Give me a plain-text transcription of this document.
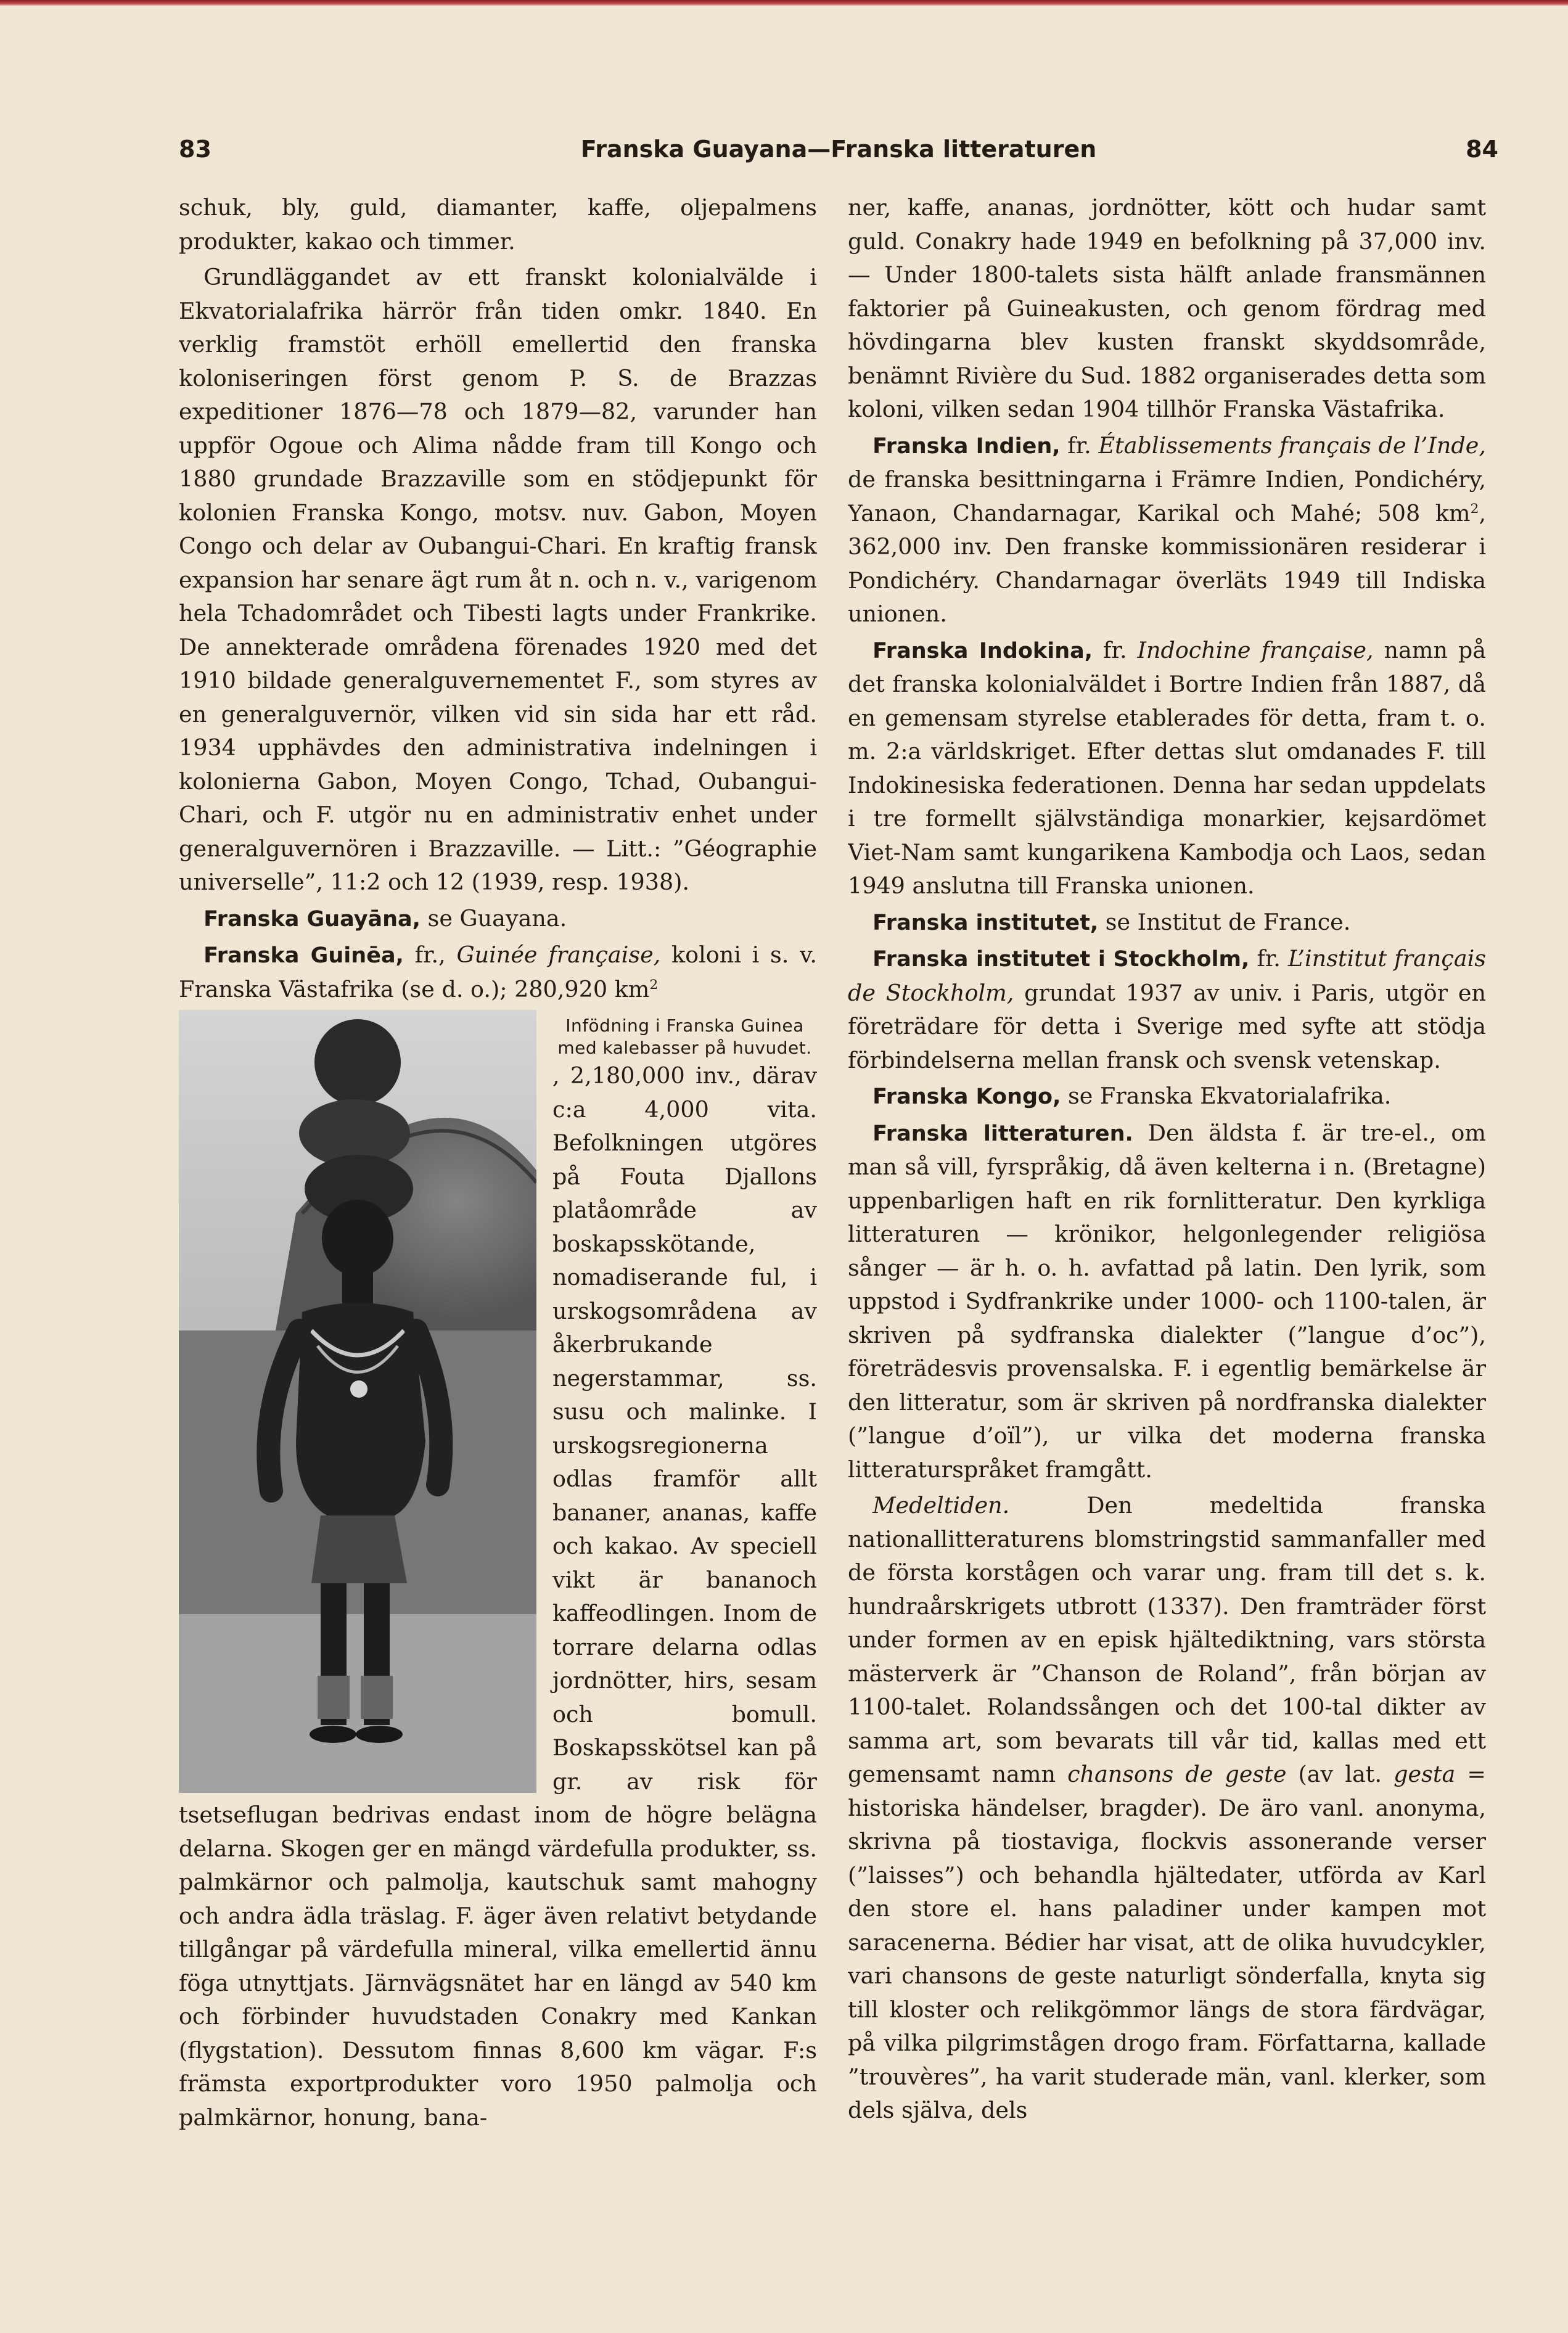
83	Franska Guayana—Franska litteraturen	84

schuk, bly, guld, diamanter, kaffe, oljepalmens produkter, kakao och timmer.

Grundläggandet av ett franskt kolonialvälde i Ekvatorialafrika härrör från tiden omkr. 1840. En verklig framstöt erhöll emellertid den franska koloniseringen först genom P. S. de Brazzas expeditioner 1876—78 och 1879—82, varunder han uppför Ogoue och Alima nådde fram till Kongo och 1880 grundade Brazzaville som en stödjepunkt för kolonien Franska Kongo, motsv. nuv. Gabon, Moyen Congo och delar av Oubangui-Chari. En kraftig fransk expansion har senare ägt rum åt n. och n. v., varigenom hela Tchadområdet och Tibesti lagts under Frankrike. De annekterade områdena förenades 1920 med det 1910 bildade generalguvernementet F., som styres av en generalguvernör, vilken vid sin sida har ett råd. 1934 upphävdes den administrativa indelningen i kolonierna Gabon, Moyen Congo, Tchad, Oubangui-Chari, och F. utgör nu en administrativ enhet under generalguvernören i Brazzaville. — Litt.: ”Géographie universelle”, 11:2 och 12 (1939, resp. 1938).

Franska Guayāna, se Guayana.

Franska Guinēa, fr., Guinée française, koloni i s. v. Franska Västafrika (se d. o.); 280,920 $km^2$

Infödning i Franska Guinea med kalebasser på huvudet.
, 2,180,000 inv., därav c:a 4,000 vita. Befolkningen utgöres på Fouta Djallons platåområde av boskapsskötande, nomadiserande ful, i urskogsområdena av åkerbrukande negerstammar, ss. susu och malinke. I urskogsregionerna odlas framför allt bananer, ananas, kaffe och kakao. Av speciell vikt är bananoch kaffeodlingen. Inom de torrare delarna odlas jordnötter, hirs, sesam och bomull. Boskapsskötsel kan på gr. av risk för tsetseflugan bedrivas endast inom de högre belägna delarna. Skogen ger en mängd värdefulla produkter, ss. palmkärnor och palmolja, kautschuk samt mahogny och andra ädla träslag. F. äger även relativt betydande tillgångar på värdefulla mineral, vilka emellertid ännu föga utnyttjats. Järnvägsnätet har en längd av 540 km och förbinder huvudstaden Conakry med Kankan (flygstation). Dessutom finnas 8,600 km vägar. F:s främsta exportprodukter voro 1950 palmolja och palmkärnor, honung, bana-

ner, kaffe, ananas, jordnötter, kött och hudar samt guld. Conakry hade 1949 en befolkning på 37,000 inv. — Under 1800-talets sista hälft anlade fransmännen faktorier på Guineakusten, och genom fördrag med hövdingarna blev kusten franskt skyddsområde, benämnt Rivière du Sud. 1882 organiserades detta som koloni, vilken sedan 1904 tillhör Franska Västafrika.

Franska Indien, fr. Établissements français de l’Inde, de franska besittningarna i Främre Indien, Pondichéry, Yanaon, Chandarnagar, Karikal och Mahé; 508 $km^2$, 362,000 inv. Den franske kommissionären residerar i Pondichéry. Chandarnagar överläts 1949 till Indiska unionen.

Franska Indokina, fr. Indochine française, namn på det franska kolonialväldet i Bortre Indien från 1887, då en gemensam styrelse etablerades för detta, fram t. o. m. 2:a världskriget. Efter dettas slut omdanades F. till Indokinesiska federationen. Denna har sedan uppdelats i tre formellt självständiga monarkier, kejsardömet Viet-Nam samt kungarikena Kambodja och Laos, sedan 1949 anslutna till Franska unionen.

Franska institutet, se Institut de France.

Franska institutet i Stockholm, fr. L’institut français de Stockholm, grundat 1937 av univ. i Paris, utgör en företrädare för detta i Sverige med syfte att stödja förbindelserna mellan fransk och svensk vetenskap.

Franska Kongo, se Franska Ekvatorialafrika.

Franska litteraturen. Den äldsta f. är tre-el., om man så vill, fyrspråkig, då även kelterna i n. (Bretagne) uppenbarligen haft en rik fornlitteratur. Den kyrkliga litteraturen — krönikor, helgonlegender religiösa sånger — är h. o. h. avfattad på latin. Den lyrik, som uppstod i Sydfrankrike under 1000- och 1100-talen, är skriven på sydfranska dialekter (”langue d’oc”), företrädesvis provensalska. F. i egentlig bemärkelse är den litteratur, som är skriven på nordfranska dialekter (”langue d’oïl”), ur vilka det moderna franska litteraturspråket framgått.

Medeltiden. Den medeltida franska nationallitteraturens blomstringstid sammanfaller med de första korstågen och varar ung. fram till det s. k. hundraårskrigets utbrott (1337). Den framträder först under formen av en episk hjältediktning, vars största mästerverk är ”Chanson de Roland”, från början av 1100-talet. Rolandssången och det 100-tal dikter av samma art, som bevarats till vår tid, kallas med ett gemensamt namn chansons de geste (av lat. gesta = historiska händelser, bragder). De äro vanl. anonyma, skrivna på tiostaviga, flockvis assonerande verser (”laisses”) och behandla hjältedater, utförda av Karl den store el. hans paladiner under kampen mot saracenerna. Bédier har visat, att de olika huvudcykler, vari chansons de geste naturligt sönderfalla, knyta sig till kloster och relikgömmor längs de stora färdvägar, på vilka pilgrimstågen drogo fram. Författarna, kallade ”trouvères”, ha varit studerade män, vanl. klerker, som dels själva, dels
